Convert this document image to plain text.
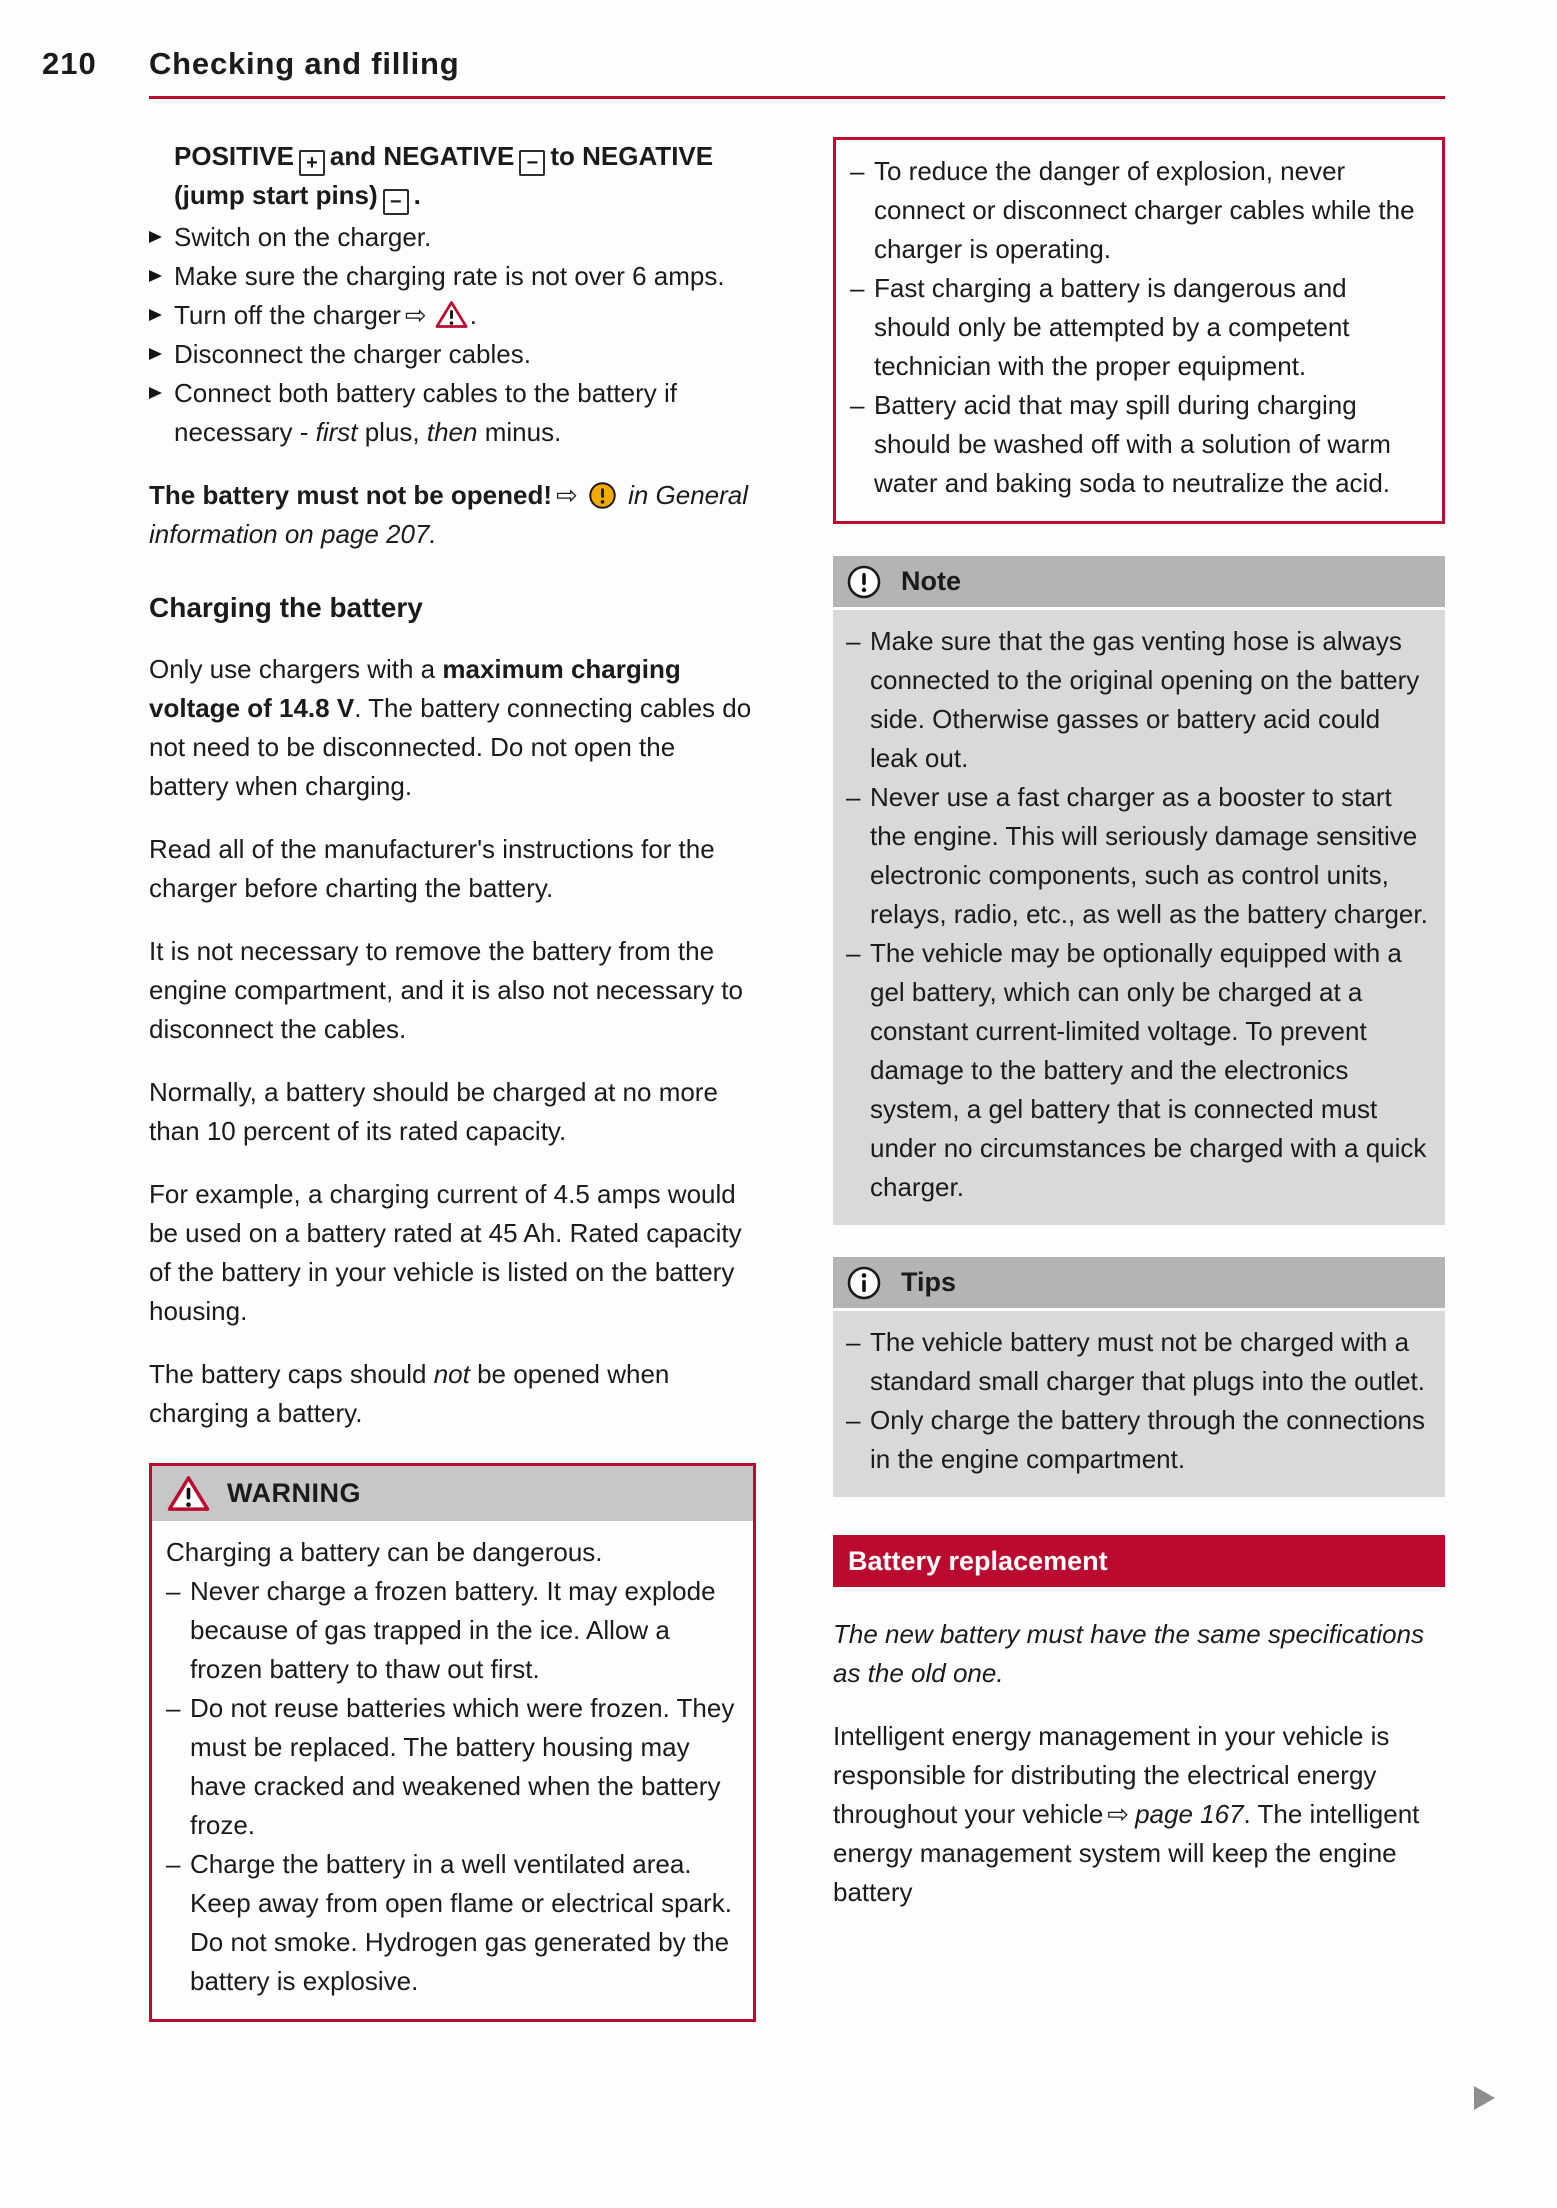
210	Checking and filling
POSITIVE + and NEGATIVE − to NEGATIVE (jump start pins) − .
Switch on the charger.
Make sure the charging rate is not over 6 amps.
Turn off the charger ⇨ .
Disconnect the charger cables.
Connect both battery cables to the battery if necessary - first plus, then minus.

The battery must not be opened! ⇨ in General information on page 207.

Charging the battery

Only use chargers with a maximum charging voltage of 14.8 V. The battery connecting cables do not need to be disconnected. Do not open the battery when charging.

Read all of the manufacturer's instructions for the charger before charting the battery.

It is not necessary to remove the battery from the engine compartment, and it is also not necessary to disconnect the cables.

Normally, a battery should be charged at no more than 10 percent of its rated capacity.

For example, a charging current of 4.5 amps would be used on a battery rated at 45 Ah. Rated capacity of the battery in your vehicle is listed on the battery housing.

The battery caps should not be opened when charging a battery.

WARNING

Charging a battery can be dangerous.

– Never charge a frozen battery. It may explode because of gas trapped in the ice. Allow a frozen battery to thaw out first.
– Do not reuse batteries which were frozen. They must be replaced. The battery housing may have cracked and weakened when the battery froze.
– Charge the battery in a well ventilated area. Keep away from open flame or electrical spark. Do not smoke. Hydrogen gas generated by the battery is explosive.
– To reduce the danger of explosion, never connect or disconnect charger cables while the charger is operating.
– Fast charging a battery is dangerous and should only be attempted by a competent technician with the proper equipment.
– Battery acid that may spill during charging should be washed off with a solution of warm water and baking soda to neutralize the acid.
Note
– Make sure that the gas venting hose is always connected to the original opening on the battery side. Otherwise gasses or battery acid could leak out.
– Never use a fast charger as a booster to start the engine. This will seriously damage sensitive electronic components, such as control units, relays, radio, etc., as well as the battery charger.
– The vehicle may be optionally equipped with a gel battery, which can only be charged at a constant current-limited voltage. To prevent damage to the battery and the electronics system, a gel battery that is connected must under no circumstances be charged with a quick charger.
Tips
– The vehicle battery must not be charged with a standard small charger that plugs into the outlet.
– Only charge the battery through the connections in the engine compartment.
Battery replacement

The new battery must have the same specifications as the old one.

Intelligent energy management in your vehicle is responsible for distributing the electrical energy throughout your vehicle ⇨ page 167. The intelligent energy management system will keep the engine battery
